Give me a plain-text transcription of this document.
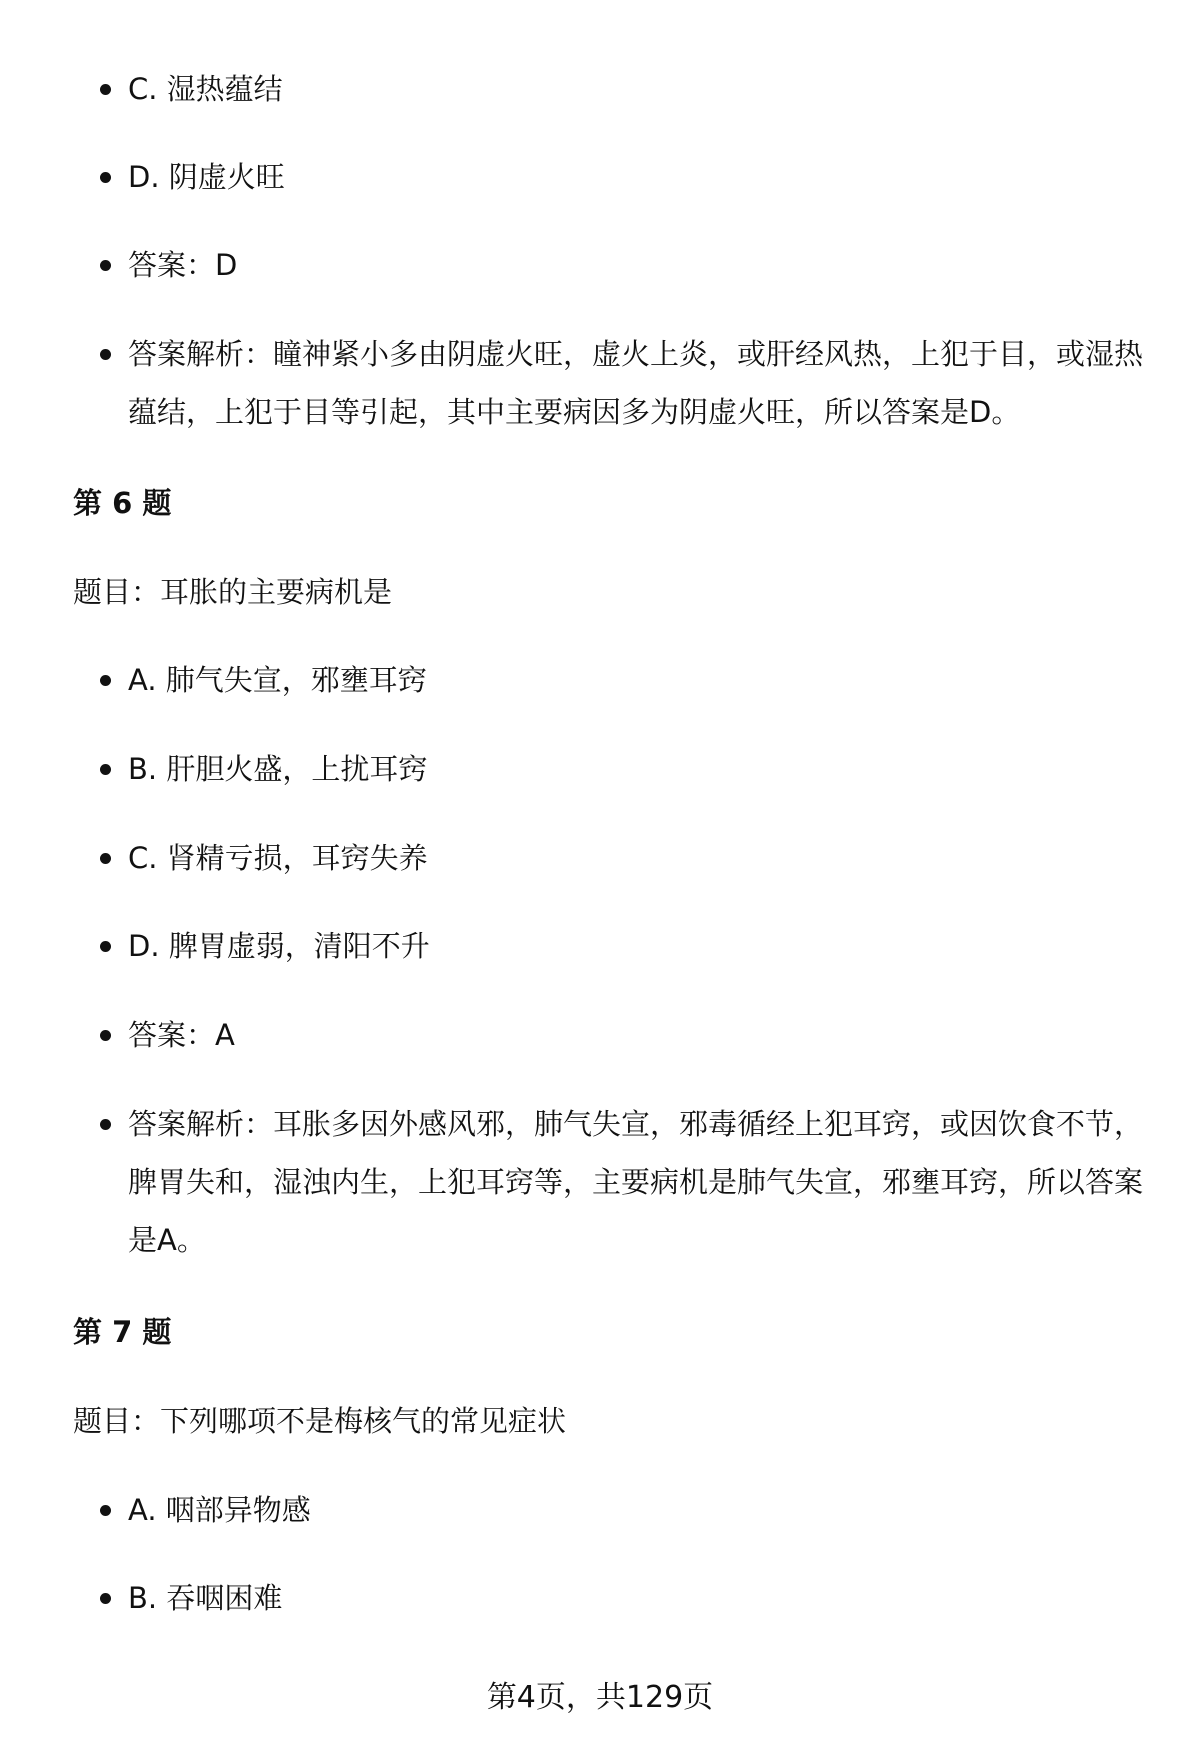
C. 湿热蕴结
D. 阴虚火旺
答案：D
答案解析：瞳神紧小多由阴虚火旺，虚火上炎，或肝经风热，上犯于目，或湿热蕴结，上犯于目等引起，其中主要病因多为阴虚火旺，所以答案是D。
第 6 题
题目：耳胀的主要病机是
A. 肺气失宣，邪壅耳窍
B. 肝胆火盛，上扰耳窍
C. 肾精亏损，耳窍失养
D. 脾胃虚弱，清阳不升
答案：A
答案解析：耳胀多因外感风邪，肺气失宣，邪毒循经上犯耳窍，或因饮食不节，脾胃失和，湿浊内生，上犯耳窍等，主要病机是肺气失宣，邪壅耳窍，所以答案是A。
第 7 题
题目：下列哪项不是梅核气的常见症状
A. 咽部异物感
B. 吞咽困难
第4页，共129页
